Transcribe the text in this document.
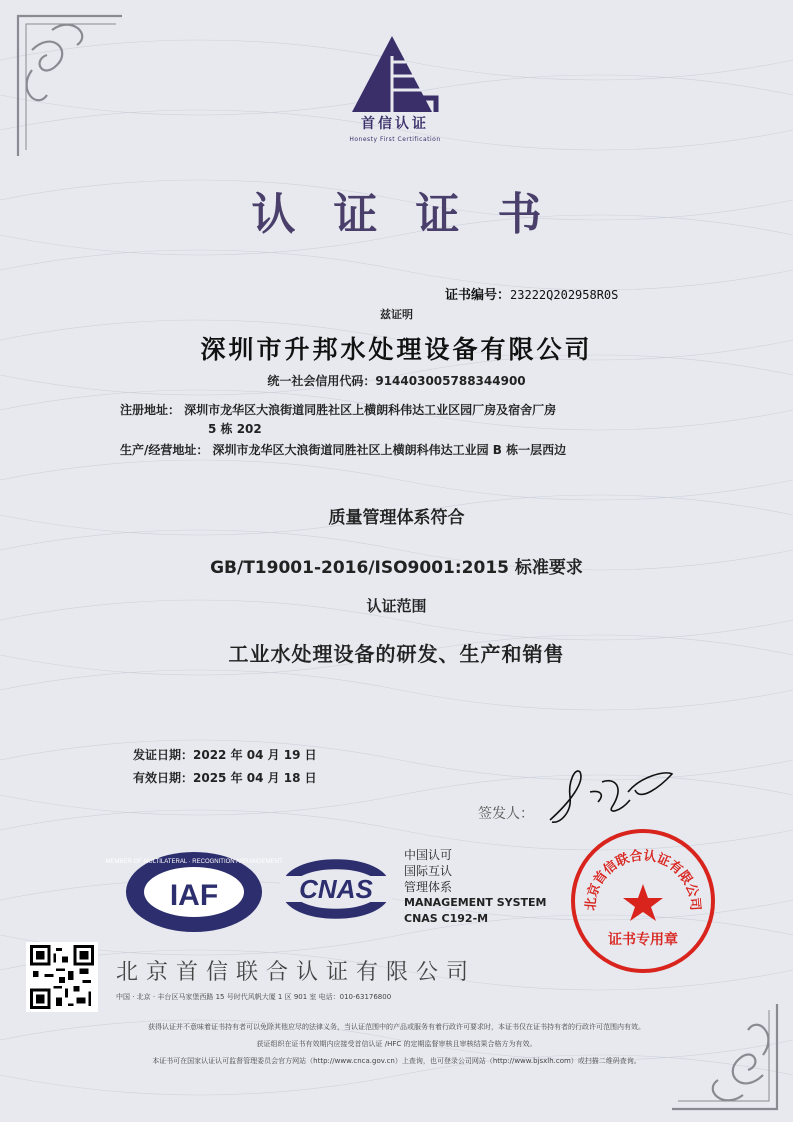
首信认证
Honesty First Certification
认证证书
证书编号：23222Q202958R0S
兹证明
深圳市升邦水处理设备有限公司
统一社会信用代码：914403005788344900
注册地址： 深圳市龙华区大浪街道同胜社区上横朗科伟达工业区园厂房及宿舍厂房
5 栋 202
生产/经营地址： 深圳市龙华区大浪街道同胜社区上横朗科伟达工业园 B 栋一层西边
质量管理体系符合
GB/T19001-2016/ISO9001:2015 标准要求
认证范围
工业水处理设备的研发、生产和销售
发证日期：2022 年 04 月 19 日
有效日期：2025 年 04 月 18 日
签发人：
IAF
MEMBER OF MULTILATERAL · RECOGNITION ARRANGEMENT
CNAS
中国认可
国际互认
管理体系
MANAGEMENT SYSTEM
CNAS C192-M
北京首信联合认证有限公司
证书专用章
北京首信联合认证有限公司
中国 · 北京 · 丰台区马家堡西路 15 号时代风帆大厦 1 区 901 室 电话：010-63176800
获得认证并不意味着证书持有者可以免除其他应尽的法律义务，当认证范围中的产品或服务有着行政许可要求时，本证书仅在证书持有者的行政许可范围内有效。
获证组织在证书有效期内应接受首信认证 /HFC 的定期监督审核且审核结果合格方为有效。
本证书可在国家认证认可监督管理委员会官方网站（http://www.cnca.gov.cn）上查询，也可登录公司网站（http://www.bjsxlh.com）或扫描二维码查询。
